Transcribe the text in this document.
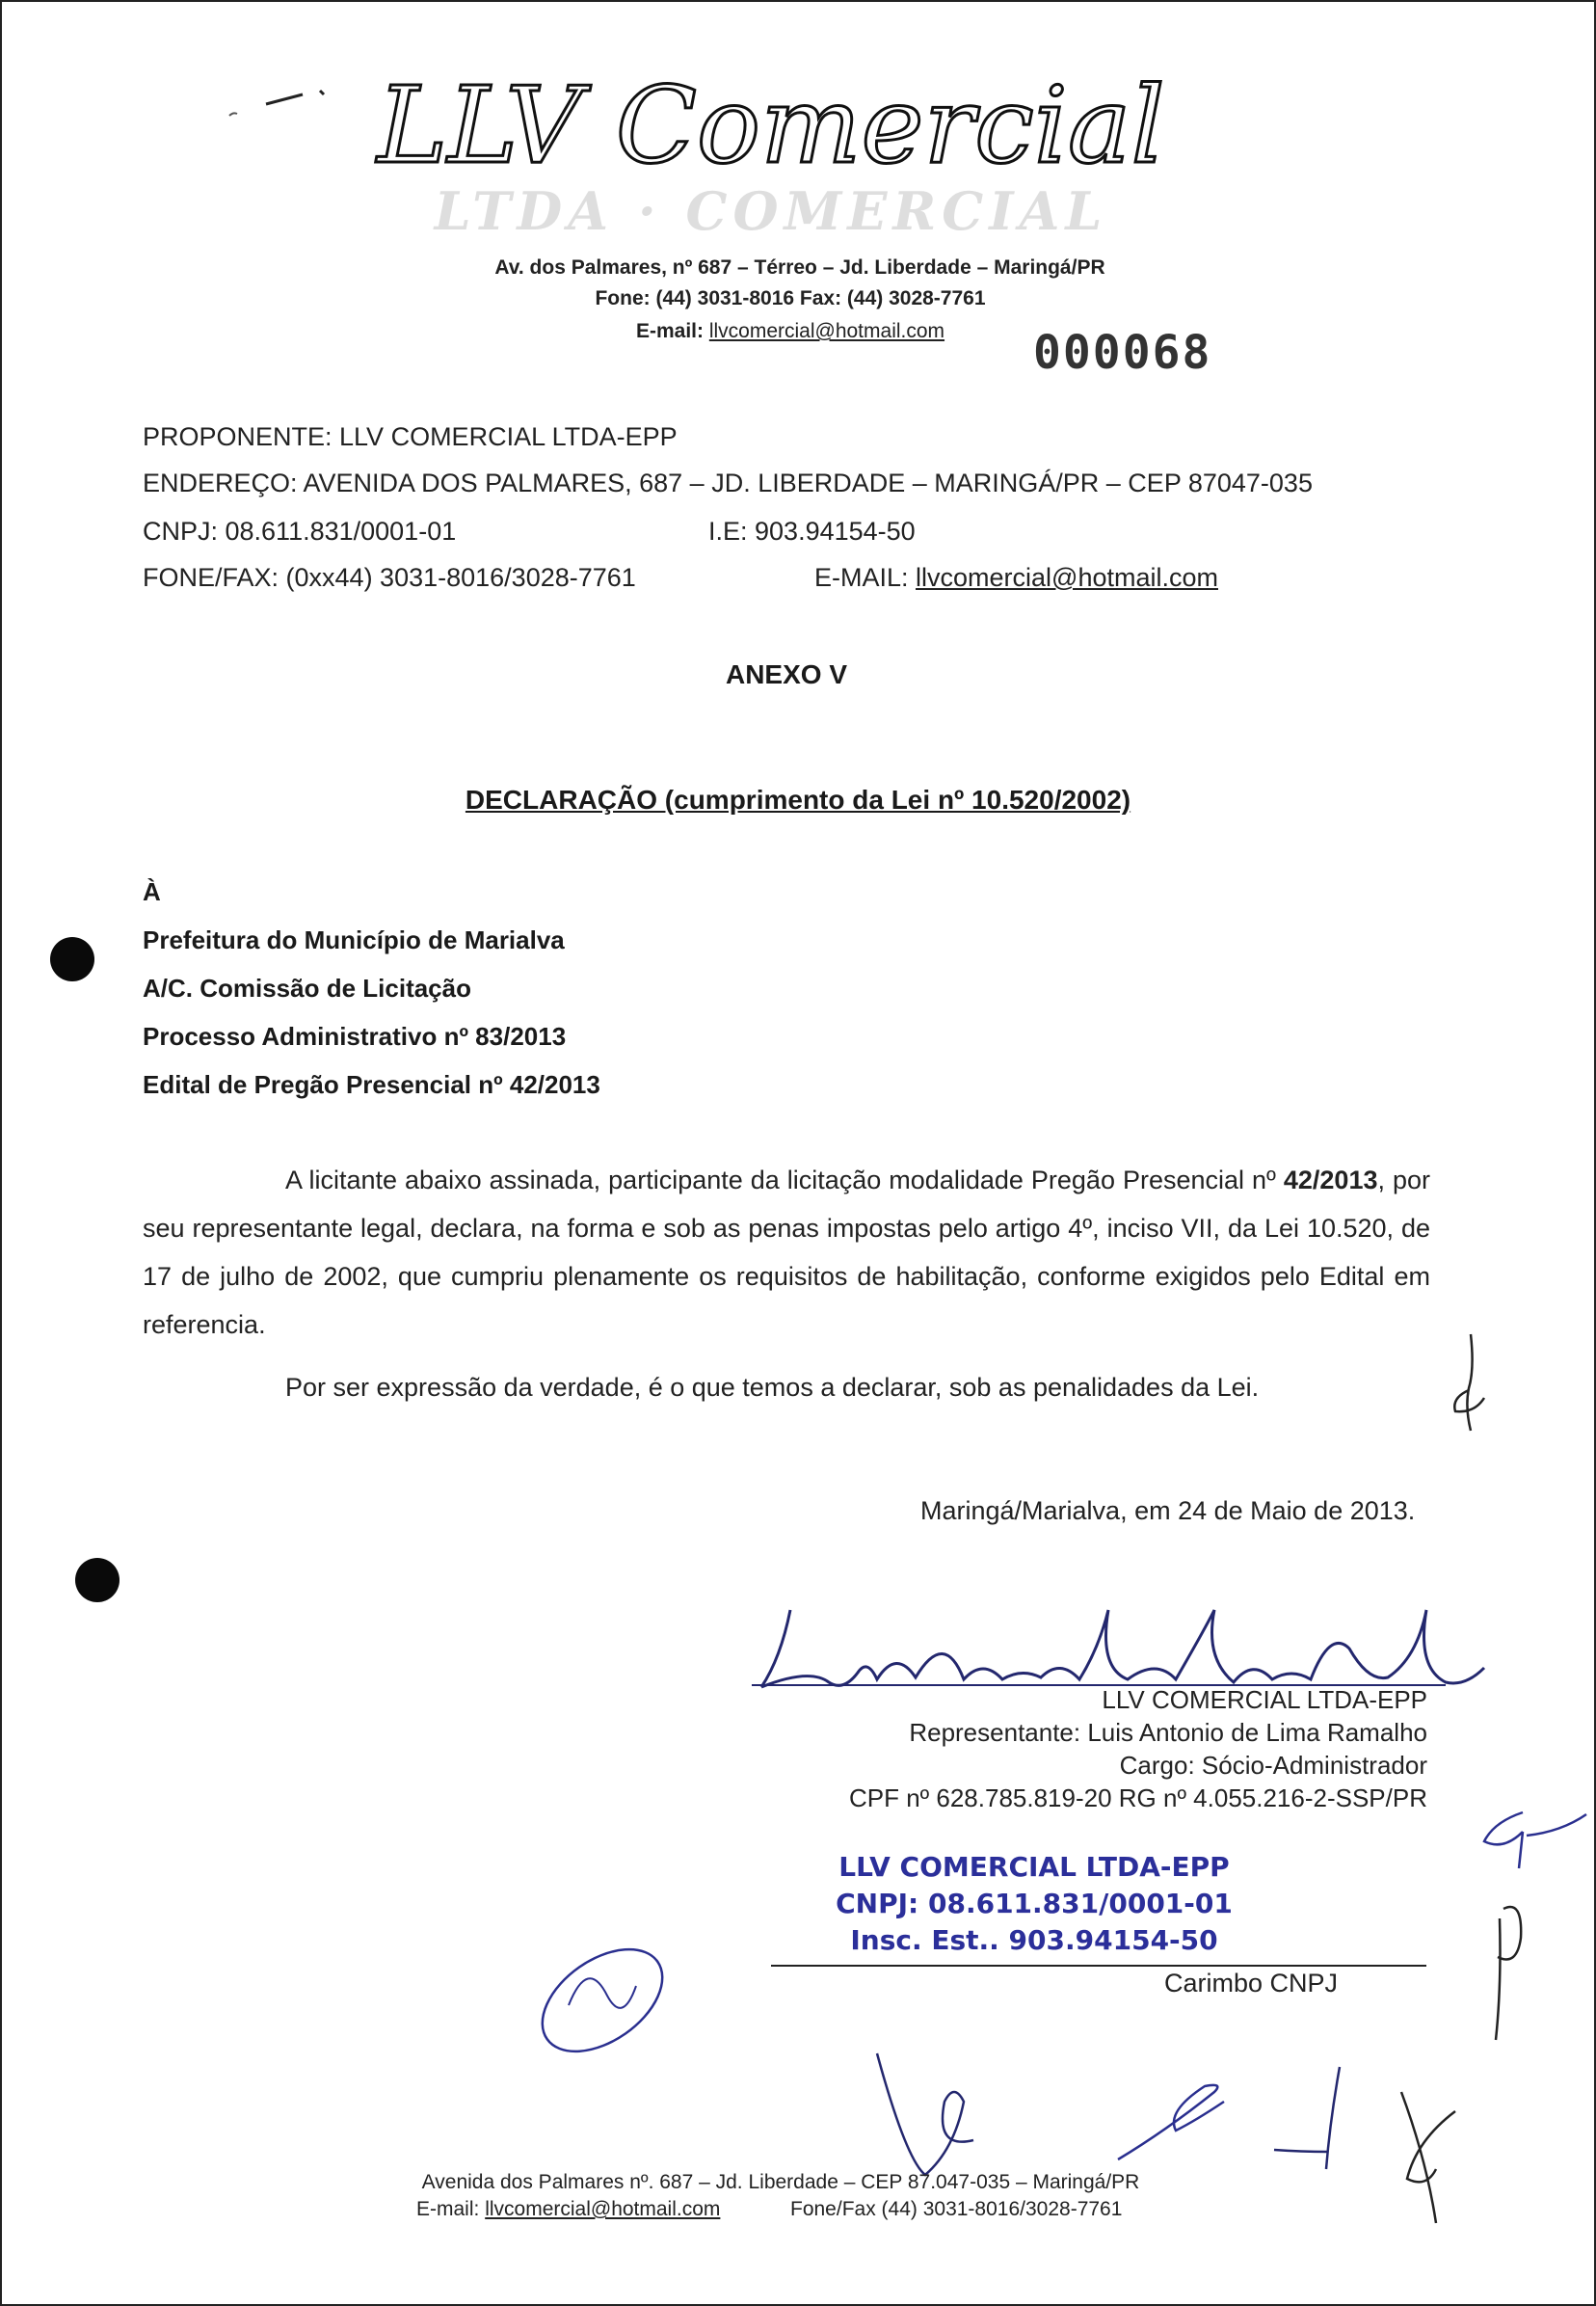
LLV Comercial
LTDA · COMERCIAL
Av. dos Palmares, nº 687 – Térreo – Jd. Liberdade – Maringá/PR
Fone: (44) 3031-8016 Fax: (44) 3028-7761
E-mail: llvcomercial@hotmail.com 000068
PROPONENTE: LLV COMERCIAL LTDA-EPP
ENDEREÇO: AVENIDA DOS PALMARES, 687 – JD. LIBERDADE – MARINGÁ/PR – CEP 87047-035
CNPJ: 08.611.831/0001-01	I.E: 903.94154-50
FONE/FAX: (0xx44) 3031-8016/3028-7761	E-MAIL: llvcomercial@hotmail.com
ANEXO V
DECLARAÇÃO (cumprimento da Lei nº 10.520/2002)
À
Prefeitura do Município de Marialva
A/C. Comissão de Licitação
Processo Administrativo nº 83/2013
Edital de Pregão Presencial nº 42/2013
A licitante abaixo assinada, participante da licitação modalidade Pregão Presencial nº 42/2013, por seu representante legal, declara, na forma e sob as penas impostas pelo artigo 4º, inciso VII, da Lei 10.520, de 17 de julho de 2002, que cumpriu plenamente os requisitos de habilitação, conforme exigidos pelo Edital em referencia.
Por ser expressão da verdade, é o que temos a declarar, sob as penalidades da Lei.
Maringá/Marialva, em 24 de Maio de 2013.
LLV COMERCIAL LTDA-EPP
Representante: Luis Antonio de Lima Ramalho
Cargo: Sócio-Administrador
CPF nº 628.785.819-20 RG nº 4.055.216-2-SSP/PR
LLV COMERCIAL LTDA-EPP
CNPJ: 08.611.831/0001-01
Insc. Est.. 903.94154-50
Carimbo CNPJ
Avenida dos Palmares nº. 687 – Jd. Liberdade – CEP 87.047-035 – Maringá/PR
E-mail: llvcomercial@hotmail.com	Fone/Fax (44) 3031-8016/3028-7761
